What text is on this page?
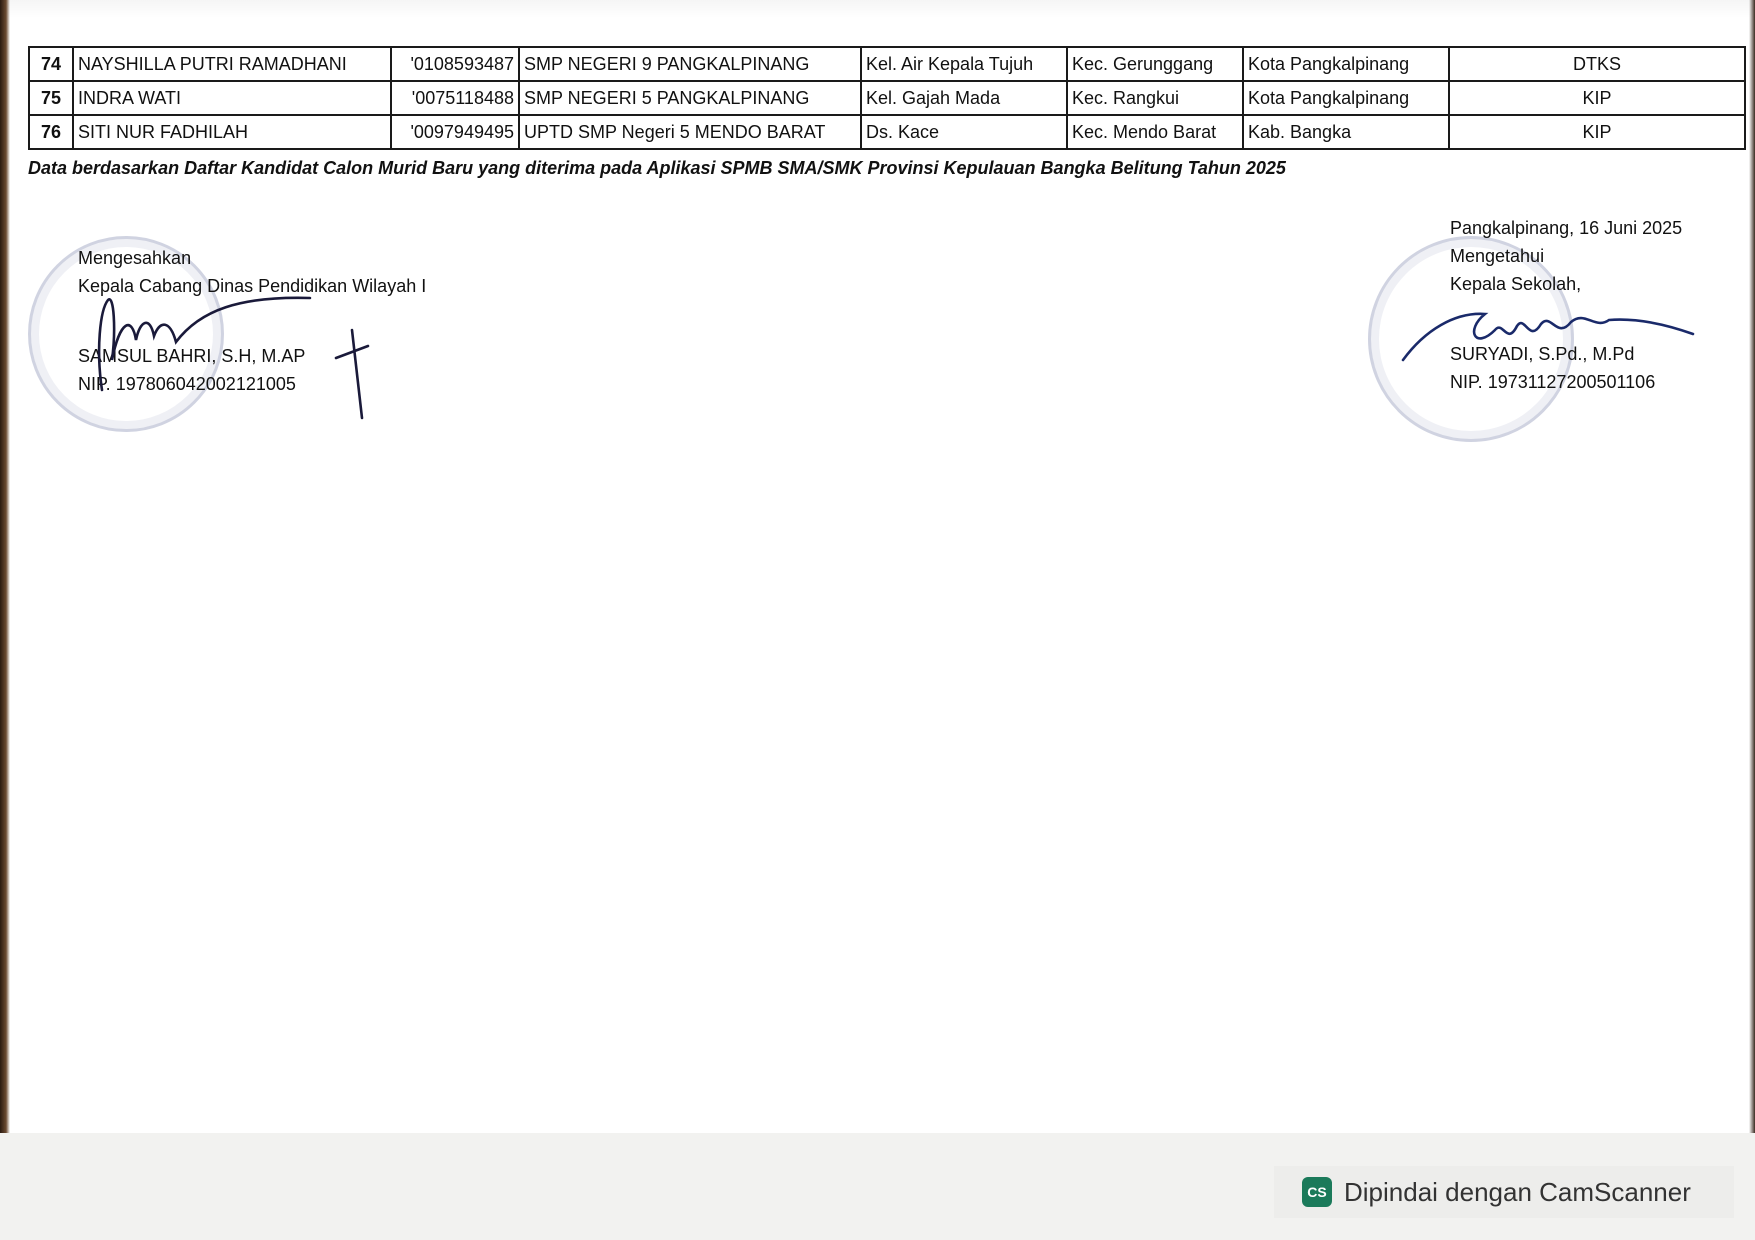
74	NAYSHILLA PUTRI RAMADHANI	'0108593487	SMP NEGERI 9 PANGKALPINANG	Kel. Air Kepala Tujuh	Kec. Gerunggang	Kota Pangkalpinang	DTKS
75	INDRA WATI	'0075118488	SMP NEGERI 5 PANGKALPINANG	Kel. Gajah Mada	Kec. Rangkui	Kota Pangkalpinang	KIP
76	SITI NUR FADHILAH	'0097949495	UPTD SMP Negeri 5 MENDO BARAT	Ds. Kace	Kec. Mendo Barat	Kab. Bangka	KIP
Data berdasarkan Daftar Kandidat Calon Murid Baru yang diterima pada Aplikasi SPMB SMA/SMK Provinsi Kepulauan Bangka Belitung Tahun 2025
Mengesahkan
Kepala Cabang Dinas Pendidikan Wilayah I
SAMSUL BAHRI, S.H, M.AP
NIP. 197806042002121005
Pangkalpinang, 16 Juni 2025
Mengetahui
Kepala Sekolah,
SURYADI, S.Pd., M.Pd
NIP. 19731127200501106
CS Dipindai dengan CamScanner
